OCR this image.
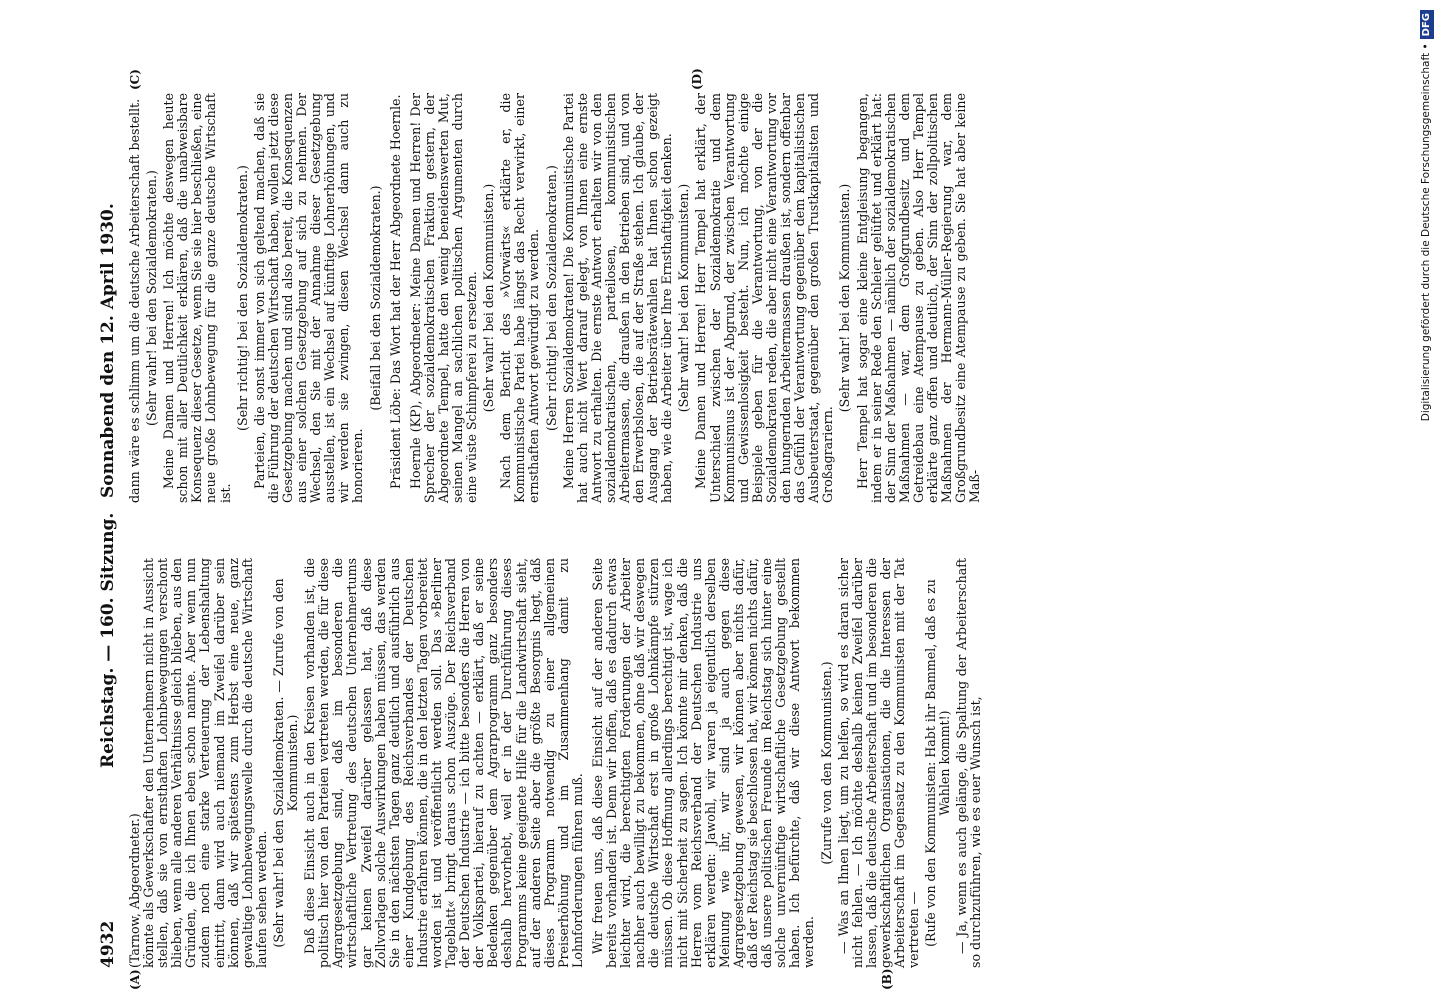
4932
Reichstag. — 160. Sitzung.
Sonnabend den 12. April 1930.

(Tarnow, Abgeordneter.) könnte als Gewerkschafter den Unternehmern nicht in Aussicht stellen, daß sie von ernsthaften Lohnbewegungen verschont blieben, wenn alle anderen Verhältnisse gleich blieben, aus den Gründen, die ich Ihnen eben schon nannte. Aber wenn nun zudem noch eine starke Verteuerung der Lebenshaltung eintritt, dann wird auch niemand im Zweifel darüber sein können, daß wir spätestens zum Herbst eine neue, ganz gewaltige Lohnbewegungswelle durch die deutsche Wirtschaft laufen sehen werden. (Sehr wahr! bei den Sozialdemokraten. — Zurufe von den Kommunisten.) Daß diese Einsicht auch in den Kreisen vorhanden ist, die politisch hier von den Parteien vertreten werden, die für diese Agrargesetzgebung sind, daß im besonderen die wirtschaftliche Vertretung des deutschen Unternehmertums gar keinen Zweifel darüber gelassen hat, daß diese Zollvorlagen solche Auswirkungen haben müssen, das werden Sie in den nächsten Tagen ganz deutlich und ausführlich aus einer Kundgebung des Reichsverbandes der Deutschen Industrie erfahren können, die in den letzten Tagen vorbereitet worden ist und veröffentlicht werden soll. Das »Berliner Tageblatt« bringt daraus schon Auszüge. Der Reichsverband der Deutschen Industrie — ich bitte besonders die Herren von der Volkspartei, hierauf zu achten — erklärt, daß er seine Bedenken gegenüber dem Agrarprogramm ganz besonders deshalb hervorhebt, weil er in der Durchführung dieses Programms keine geeignete Hilfe für die Landwirtschaft sieht, auf der anderen Seite aber die größte Besorgnis hegt, daß dieses Programm notwendig zu einer allgemeinen Preiserhöhung und im Zusammenhang damit zu Lohnforderungen führen muß. Wir freuen uns, daß diese Einsicht auf der anderen Seite bereits vorhanden ist. Denn wir hoffen, daß es dadurch etwas leichter wird, die berechtigten Forderungen der Arbeiter nachher auch bewilligt zu bekommen, ohne daß wir deswegen die deutsche Wirtschaft erst in große Lohnkämpfe stürzen müssen. Ob diese Hoffnung allerdings berechtigt ist, wage ich nicht mit Sicherheit zu sagen. Ich könnte mir denken, daß die Herren vom Reichsverband der Deutschen Industrie uns erklären werden: Jawohl, wir waren ja eigentlich derselben Meinung wie ihr, wir sind ja auch gegen diese Agrargesetzgebung gewesen, wir können aber nichts dafür, daß der Reichstag sie beschlossen hat, wir können nichts dafür, daß unsere politischen Freunde im Reichstag sich hinter eine solche unvernünftige wirtschaftliche Gesetzgebung gestellt haben. Ich befürchte, daß wir diese Antwort bekommen werden.

(Zurufe von den Kommunisten.) — Was an Ihnen liegt, um zu helfen, so wird es daran sicher nicht fehlen. — Ich möchte deshalb keinen Zweifel darüber lassen, daß die deutsche Arbeiterschaft und im besonderen die gewerkschaftlichen Organisationen, die die Interessen der Arbeiterschaft im Gegensatz zu den Kommunisten mit der Tat vertreten — (Rufe von den Kommunisten: Habt ihr Bammel, daß es zu Wahlen kommt!) — Ja, wenn es auch gelänge, die Spaltung der Arbeiterschaft so durchzuführen, wie es euer Wunsch ist,

dann wäre es schlimm um die deutsche Arbeiterschaft bestellt. (Sehr wahr! bei den Sozialdemokraten.) Meine Damen und Herren! Ich möchte deswegen heute schon mit aller Deutlichkeit erklären, daß die unabweisbare Konsequenz dieser Gesetze, wenn Sie sie hier beschließen, eine neue große Lohnbewegung für die ganze deutsche Wirtschaft ist.

(Sehr richtig! bei den Sozialdemokraten.) Parteien, die sonst immer von sich geltend machen, daß sie die Führung der deutschen Wirtschaft haben, wollen jetzt diese Gesetzgebung machen und sind also bereit, die Konsequenzen aus einer solchen Gesetzgebung auf sich zu nehmen. Der Wechsel, den Sie mit der Annahme dieser Gesetzgebung ausstellen, ist ein Wechsel auf künftige Lohnerhöhungen, und wir werden sie zwingen, diesen Wechsel dann auch zu honorieren.

(Beifall bei den Sozialdemokraten.) Präsident Löbe: Das Wort hat der Herr Abgeordnete Hoernle. Hoernle (KP), Abgeordneter: Meine Damen und Herren! Der Sprecher der sozialdemokratischen Fraktion gestern, der Abgeordnete Tempel, hatte den wenig beneidenswerten Mut, seinen Mangel an sachlichen politischen Argumenten durch eine wüste Schimpferei zu ersetzen. (Sehr wahr! bei den Kommunisten.) Nach dem Bericht des »Vorwärts« erklärte er, die Kommunistische Partei habe längst das Recht verwirkt, einer ernsthaften Antwort gewürdigt zu werden. (Sehr richtig! bei den Sozialdemokraten.) Meine Herren Sozialdemokraten! Die Kommunistische Partei hat auch nicht Wert darauf gelegt, von Ihnen eine ernste Antwort zu erhalten. Die ernste Antwort erhalten wir von den sozialdemokratischen, parteilosen, kommunistischen Arbeitermassen, die draußen in den Betrieben sind, und von den Erwerbslosen, die auf der Straße stehen. Ich glaube, der Ausgang der Betriebsrätewahlen hat Ihnen schon gezeigt haben, wie die Arbeiter über Ihre Ernsthaftigkeit denken. (Sehr wahr! bei den Kommunisten.) Meine Damen und Herren! Herr Tempel hat erklärt, der Unterschied zwischen der Sozialdemokratie und dem Kommunismus ist der Abgrund, der zwischen Verantwortung und Gewissenlosigkeit besteht. Nun, ich möchte einige Beispiele geben für die Verantwortung, von der die Sozialdemokraten reden, die aber nicht eine Verantwortung vor den hungernden Arbeitermassen draußen ist, sondern offenbar das Gefühl der Verantwortung gegenüber dem kapitalistischen Ausbeuterstaat, gegenüber den großen Trustkapitalisten und Großagrariern.

(Sehr wahr! bei den Kommunisten.) Herr Tempel hat sogar eine kleine Entgleisung begangen, indem er in seiner Rede den Schleier gelüftet und erklärt hat: der Sinn der Maßnahmen — nämlich der sozialdemokratischen Maßnahmen — war, dem Großgrundbesitz und dem Getreidebau eine Atempause zu geben. Also Herr Tempel erklärte ganz offen und deutlich, der Sinn der zollpolitischen Maßnahmen der Hermann-Müller-Regierung war, dem Großgrundbesitz eine Atempause zu geben. Sie hat aber keine Maß-

(A)	(B)
(C)	(D)	Digitalisierung gefördert durch die Deutsche Forschungsgemeinschaft •DFG
